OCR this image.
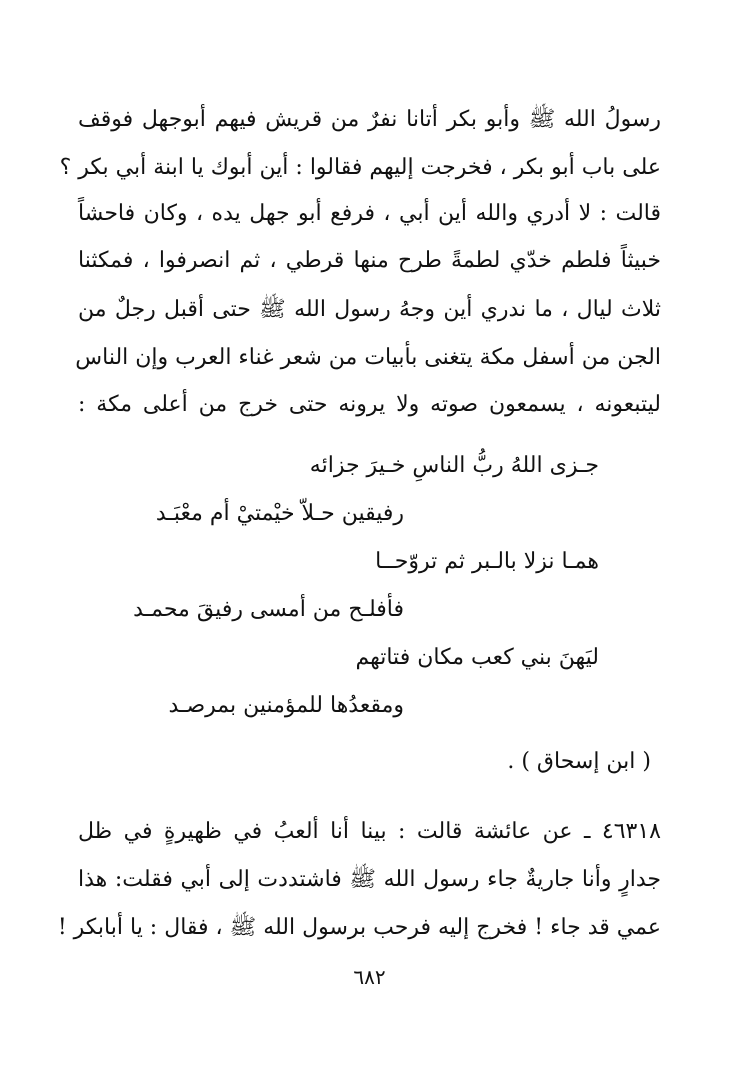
رسولُ الله ﷺ وأبو بكر أتانا نفرٌ من قريش فيهم أبوجهل فوقف
على باب أبو بكر ، فخرجت إليهم فقالوا : أين أبوك يا ابنة أبي بكر ؟
قالت : لا أدري والله أين أبي ، فرفع أبو جهل يده ، وكان فاحشاً
خبيثاً فلطم خدّي لطمةً طرح منها قرطي ، ثم انصرفوا ، فمكثنا
ثلاث ليال ، ما ندري أين وجهُ رسول الله ﷺ حتى أقبل رجلٌ من
الجن من أسفل مكة يتغنى بأبيات من شعر غناء العرب وإن الناس
ليتبعونه ، يسمعون صوته ولا يرونه حتى خرج من أعلى مكة :
جـزى اللهُ ربُّ الناسِ خـيرَ جزائه
رفيقين حـلاّ خيْمتيْ أم معْبَـد
همـا نزلا بالـبر ثم تروّحــا
فأفلـح من أمسى رفيقَ محمـد
ليَهنَ بني كعب مكان فتاتهم
ومقعدُها للمؤمنين بمرصـد
( ابن إسحاق ) .
٤٦٣١٨ ـ عن عائشة قالت : بينا أنا ألعبُ في ظهيرةٍ في ظل
جدارٍ وأنا جاريةٌ جاء رسول الله ﷺ فاشتددت إلى أبي فقلت: هذا
عمي قد جاء ! فخرج إليه فرحب برسول الله ﷺ ، فقال : يا أبابكر !
٦٨٢
